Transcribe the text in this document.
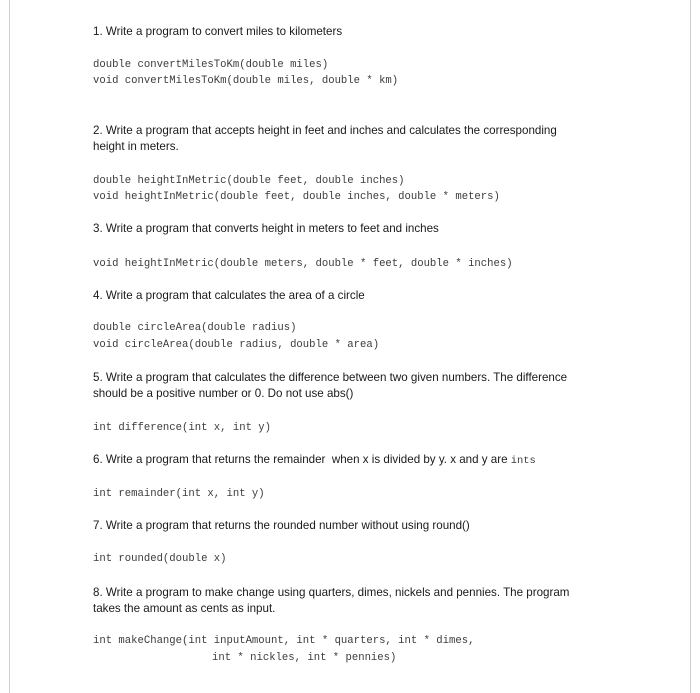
1. Write a program to convert miles to kilometers
double convertMilesToKm(double miles)
void convertMilesToKm(double miles, double * km)
2. Write a program that accepts height in feet and inches and calculates the corresponding
height in meters.
double heightInMetric(double feet, double inches)
void heightInMetric(double feet, double inches, double * meters)
3. Write a program that converts height in meters to feet and inches
void heightInMetric(double meters, double * feet, double * inches)
4. Write a program that calculates the area of a circle
double circleArea(double radius)
void circleArea(double radius, double * area)
5. Write a program that calculates the difference between two given numbers. The difference
should be a positive number or 0. Do not use abs()
int difference(int x, int y)
6. Write a program that returns the remainder  when x is divided by y. x and y are ints
int remainder(int x, int y)
7. Write a program that returns the rounded number without using round()
int rounded(double x)
8. Write a program to make change using quarters, dimes, nickels and pennies. The program
takes the amount as cents as input.
int makeChange(int inputAmount, int * quarters, int * dimes,
int * nickles, int * pennies)
